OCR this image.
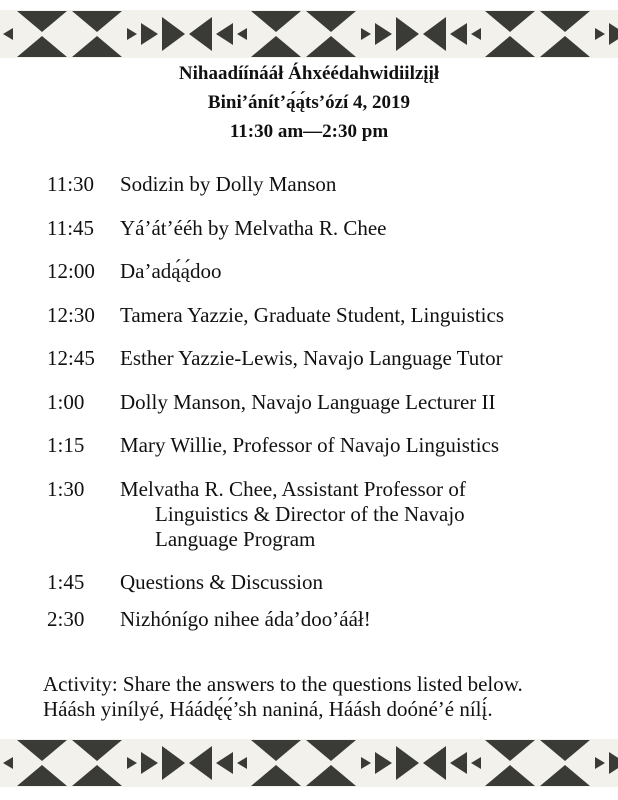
Nihaadíínááł Áhxéédahwidiilzįįł
Bini’ánít’ą́ą́ts’ózí 4, 2019
11:30 am—2:30 pm
11:30	Sodizin by Dolly Manson
11:45	Yá’át’ééh by Melvatha R. Chee
12:00	Da’adą́ą́doo
12:30	Tamera Yazzie, Graduate Student, Linguistics
12:45	Esther Yazzie-Lewis, Navajo Language Tutor
1:00	Dolly Manson, Navajo Language Lecturer II
1:15	Mary Willie, Professor of Navajo Linguistics
1:30	Melvatha R. Chee, Assistant Professor of
Linguistics & Director of the Navajo
Language Program
1:45	Questions & Discussion
2:30	Nizhónígo nihee áda’doo’ááł!
Activity: Share the answers to the questions listed below.
Háásh yinílyé, Háádę́ę́’sh naniná, Háásh doóné’é nílį́.
